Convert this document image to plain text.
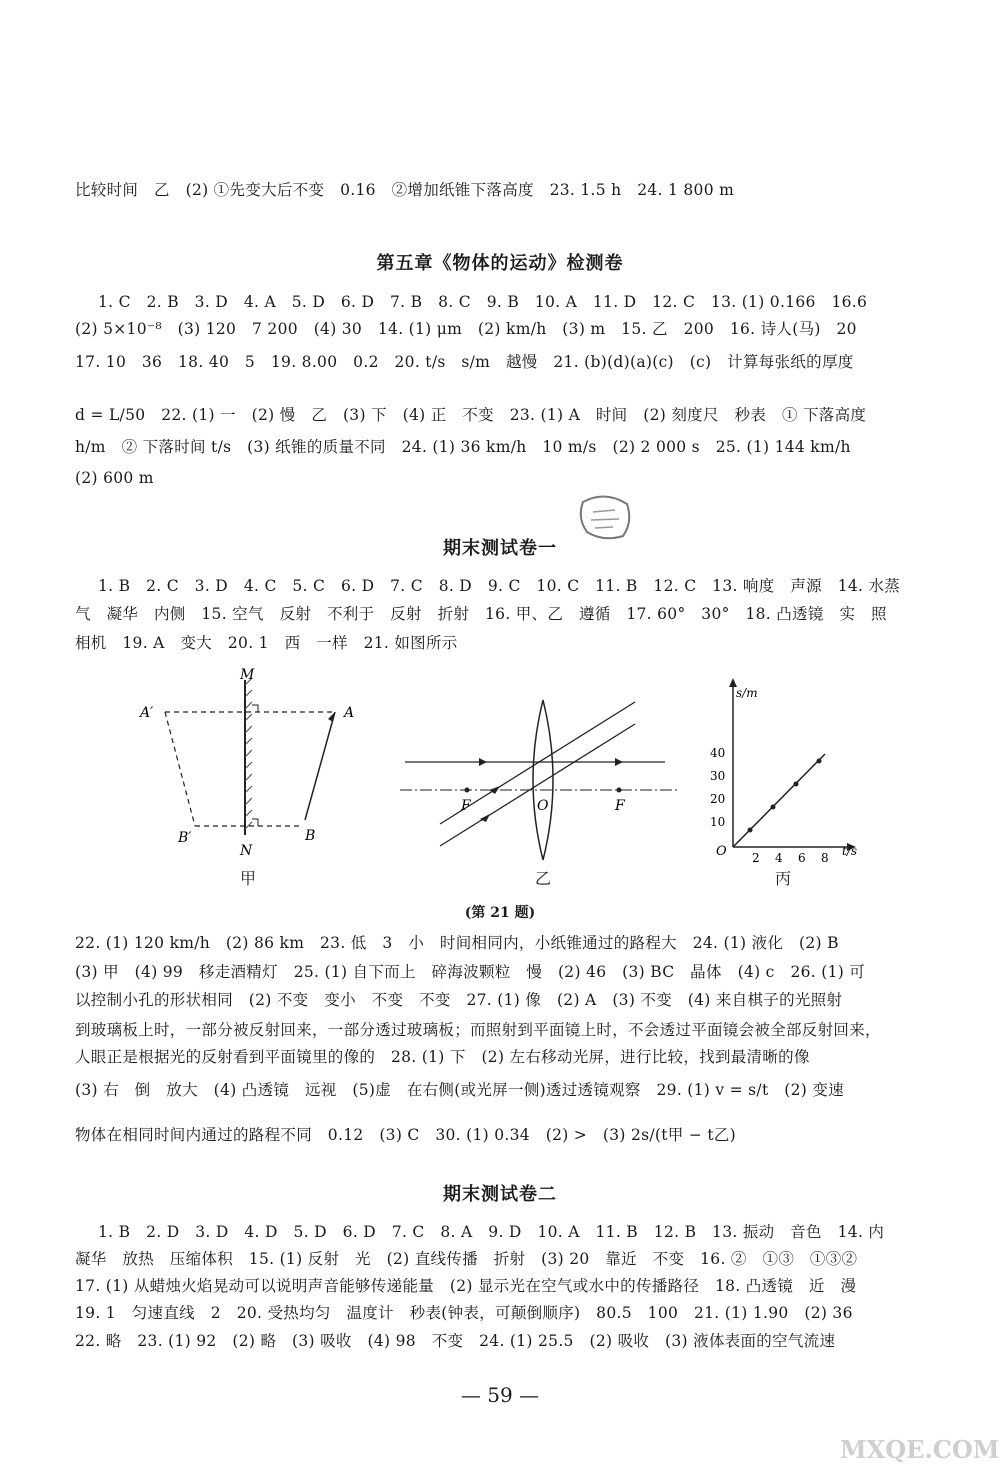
比较时间　乙　(2) ①先变大后不变　0.16　②增加纸锥下落高度　23. 1.5 h　24. 1 800 m
第五章《物体的运动》检测卷
1. C　2. B　3. D　4. A　5. D　6. D　7. B　8. C　9. B　10. A　11. D　12. C　13. (1) 0.166　16.6
(2) 5×10⁻⁸　(3) 120　7 200　(4) 30　14. (1) μm　(2) km/h　(3) m　15. 乙　200　16. 诗人(马)　20
17. 10　36　18. 40　5　19. 8.00　0.2　20. t/s　s/m　越慢　21. (b)(d)(a)(c)　(c)　计算每张纸的厚度
d = L/50　22. (1) 一　(2) 慢　乙　(3) 下　(4) 正　不变　23. (1) A　时间　(2) 刻度尺　秒表　① 下落高度
h/m　② 下落时间 t/s　(3) 纸锥的质量不同　24. (1) 36 km/h　10 m/s　(2) 2 000 s　25. (1) 144 km/h
(2) 600 m
期末测试卷一
1. B　2. C　3. D　4. C　5. C　6. D　7. C　8. D　9. C　10. C　11. B　12. C　13. 响度　声源　14. 水蒸
气　凝华　内侧　15. 空气　反射　不利于　反射　折射　16. 甲、乙　遵循　17. 60°　30°　18. 凸透镜　实　照
相机　19. A　变大　20. 1　西　一样　21. 如图所示
M
N
A′	A
B′	B
甲
F	O	F
乙
s/m
t/s
O
10
20
30
40
2 4 6 8
丙
(第 21 题)
22. (1) 120 km/h　(2) 86 km　23. 低　3　小　时间相同内，小纸锥通过的路程大　24. (1) 液化　(2) B
(3) 甲　(4) 99　移走酒精灯　25. (1) 自下而上　碎海波颗粒　慢　(2) 46　(3) BC　晶体　(4) c　26. (1) 可
以控制小孔的形状相同　(2) 不变　变小　不变　不变　27. (1) 像　(2) A　(3) 不变　(4) 来自棋子的光照射
到玻璃板上时，一部分被反射回来，一部分透过玻璃板；而照射到平面镜上时，不会透过平面镜会被全部反射回来，
人眼正是根据光的反射看到平面镜里的像的　28. (1) 下　(2) 左右移动光屏，进行比较，找到最清晰的像
(3) 右　倒　放大　(4) 凸透镜　远视　(5)虚　在右侧(或光屏一侧)透过透镜观察　29. (1) v = s/t　(2) 变速
物体在相同时间内通过的路程不同　0.12　(3) C　30. (1) 0.34　(2) >　(3) 2s/(t甲 − t乙)
期末测试卷二
1. B　2. D　3. D　4. D　5. D　6. D　7. C　8. A　9. D　10. A　11. B　12. B　13. 振动　音色　14. 内
凝华　放热　压缩体积　15. (1) 反射　光　(2) 直线传播　折射　(3) 20　靠近　不变　16. ②　①③　①③②
17. (1) 从蜡烛火焰晃动可以说明声音能够传递能量　(2) 显示光在空气或水中的传播路径　18. 凸透镜　近　漫
19. 1　匀速直线　2　20. 受热均匀　温度计　秒表(钟表，可颠倒顺序)　80.5　100　21. (1) 1.90　(2) 36
22. 略　23. (1) 92　(2) 略　(3) 吸收　(4) 98　不变　24. (1) 25.5　(2) 吸收　(3) 液体表面的空气流速
— 59 —
MXQE.COM
